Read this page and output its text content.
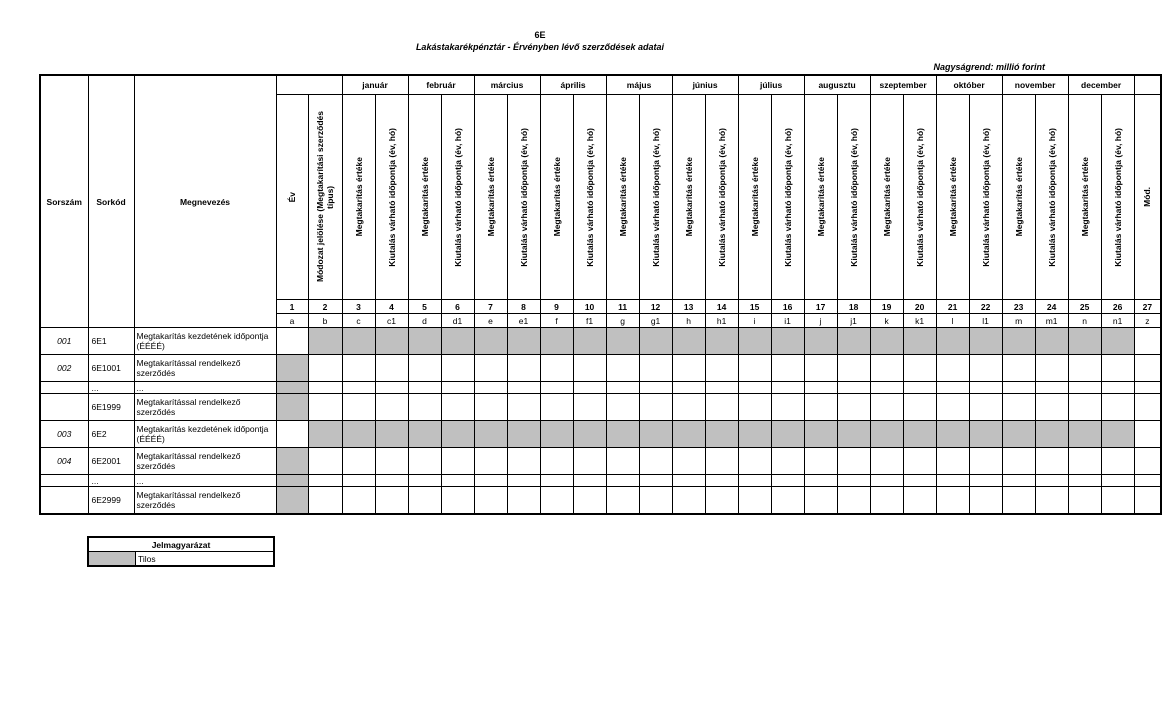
6E
Lakástakarékpénztár - Érvényben lévő szerződések adatai
Nagyságrend: millió forint
Sorszám	Sorkód	Megnevezés			január		február		március		április		május		június		július		augusztu		szeptember		október		november		december		

			Év	Módozat jelölése (Megtakarítási szerződés típus)	Megtakarítás értéke	Kiutalás várható időpontja (év, hó)	Megtakarítás értéke	Kiutalás várható időpontja (év, hó)	Megtakarítás értéke	Kiutalás várható időpontja (év, hó)	Megtakarítás értéke	Kiutalás várható időpontja (év, hó)	Megtakarítás értéke	Kiutalás várható időpontja (év, hó)	Megtakarítás értéke	Kiutalás várható időpontja (év, hó)	Megtakarítás értéke	Kiutalás várható időpontja (év, hó)	Megtakarítás értéke	Kiutalás várható időpontja (év, hó)	Megtakarítás értéke	Kiutalás várható időpontja (év, hó)	Megtakarítás értéke	Kiutalás várható időpontja (év, hó)	Megtakarítás értéke	Kiutalás várható időpontja (év, hó)	Megtakarítás értéke	Kiutalás várható időpontja (év, hó)	Mód.

			1	2	3	4	5	6	7	8	9	10	11	12	13	14	15	16	17	18	19	20	21	22	23	24	25	26	27
			a	b	c	c1	d	d1	e	e1	f	f1	g	g1	h	h1	i	i1	j	j1	k	k1	l	l1	m	m1	n	n1	z
001	6E1	Megtakarítás kezdetének időpontja (ÉÉÉÉ)																											
002	6E1001	Megtakarítással rendelkező szerződés																											
	...	...																											
	6E1999	Megtakarítással rendelkező szerződés																											
003	6E2	Megtakarítás kezdetének időpontja (ÉÉÉÉ)																											
004	6E2001	Megtakarítással rendelkező szerződés																											
	...	...																											
	6E2999	Megtakarítással rendelkező szerződés																											
Jelmagyarázat
	Tilos
